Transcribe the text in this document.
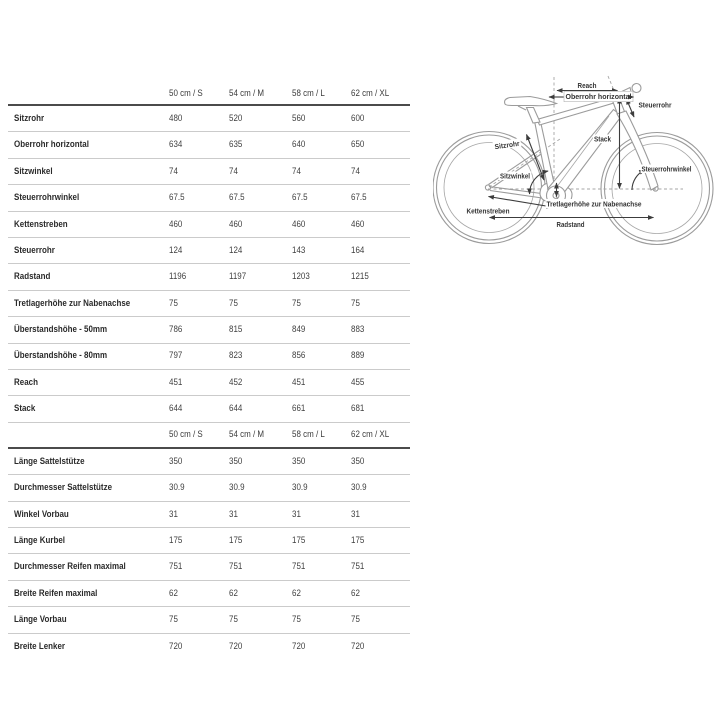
50 cm / S	54 cm / M	58 cm / L	62 cm / XL
Sitzrohr	480	520	560	600
Oberrohr horizontal	634	635	640	650
Sitzwinkel	74	74	74	74
Steuerrohrwinkel	67.5	67.5	67.5	67.5
Kettenstreben	460	460	460	460
Steuerrohr	124	124	143	164
Radstand	1196	1197	1203	1215
Tretlagerhöhe zur Nabenachse	75	75	75	75
Überstandshöhe - 50mm	786	815	849	883
Überstandshöhe - 80mm	797	823	856	889
Reach	451	452	451	455
Stack	644	644	661	681
50 cm / S	54 cm / M	58 cm / L	62 cm / XL
Länge Sattelstütze	350	350	350	350
Durchmesser Sattelstütze	30.9	30.9	30.9	30.9
Winkel Vorbau	31	31	31	31
Länge Kurbel	175	175	175	175
Durchmesser Reifen maximal	751	751	751	751
Breite Reifen maximal	62	62	62	62
Länge Vorbau	75	75	75	75
Breite Lenker	720	720	720	720
Reach
Oberrohr horizontal
Steuerrohr
Stack
Sitzrohr
Sitzwinkel
Steuerrohrwinkel
Kettenstreben
Tretlagerhöhe zur Nabenachse
Radstand
